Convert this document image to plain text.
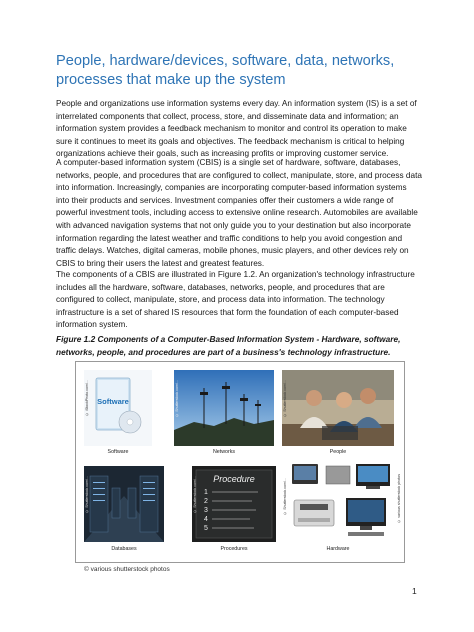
People, hardware/devices, software, data, networks, processes that make up the system

People and organizations use information systems every day. An information system (IS) is a set of interrelated components that collect, process, store, and disseminate data and information; an information system provides a feedback mechanism to monitor and control its operation to make sure it continues to meet its goals and objectives. The feedback mechanism is critical to helping organizations achieve their goals, such as increasing profits or improving customer service.

A computer-based information system (CBIS) is a single set of hardware, software, databases, networks, people, and procedures that are configured to collect, manipulate, store, and process data into information. Increasingly, companies are incorporating computer-based information systems into their products and services. Investment companies offer their customers a wide range of powerful investment tools, including access to extensive online research. Automobiles are available with advanced navigation systems that not only guide you to your destination but also incorporate information regarding the latest weather and traffic conditions to help you avoid congestion and traffic delays. Watches, digital cameras, mobile phones, music players, and other devices rely on CBIS to bring their users the latest and greatest features.

The components of a CBIS are illustrated in Figure 1.2. An organization's technology infrastructure includes all the hardware, software, databases, networks, people, and procedures that are configured to collect, manipulate, store, and process data into information. The technology infrastructure is a set of shared IS resources that form the foundation of each computer-based information system.

Figure 1.2 Components of a Computer-Based Information System - Hardware, software, networks, people, and procedures are part of a business's technology infrastructure.

Software
© iStockPhoto.com/...
Software
© Shutterstock.com/...
Networks
© Shutterstock.com/...
People
© Shutterstock.com/...
Databases
Procedure
1
2
3
4
5
© Shutterstock.com/...
Procedures
© Shutterstock.com/...
Hardware
© various shutterstock photos
© various shutterstock photos
1
